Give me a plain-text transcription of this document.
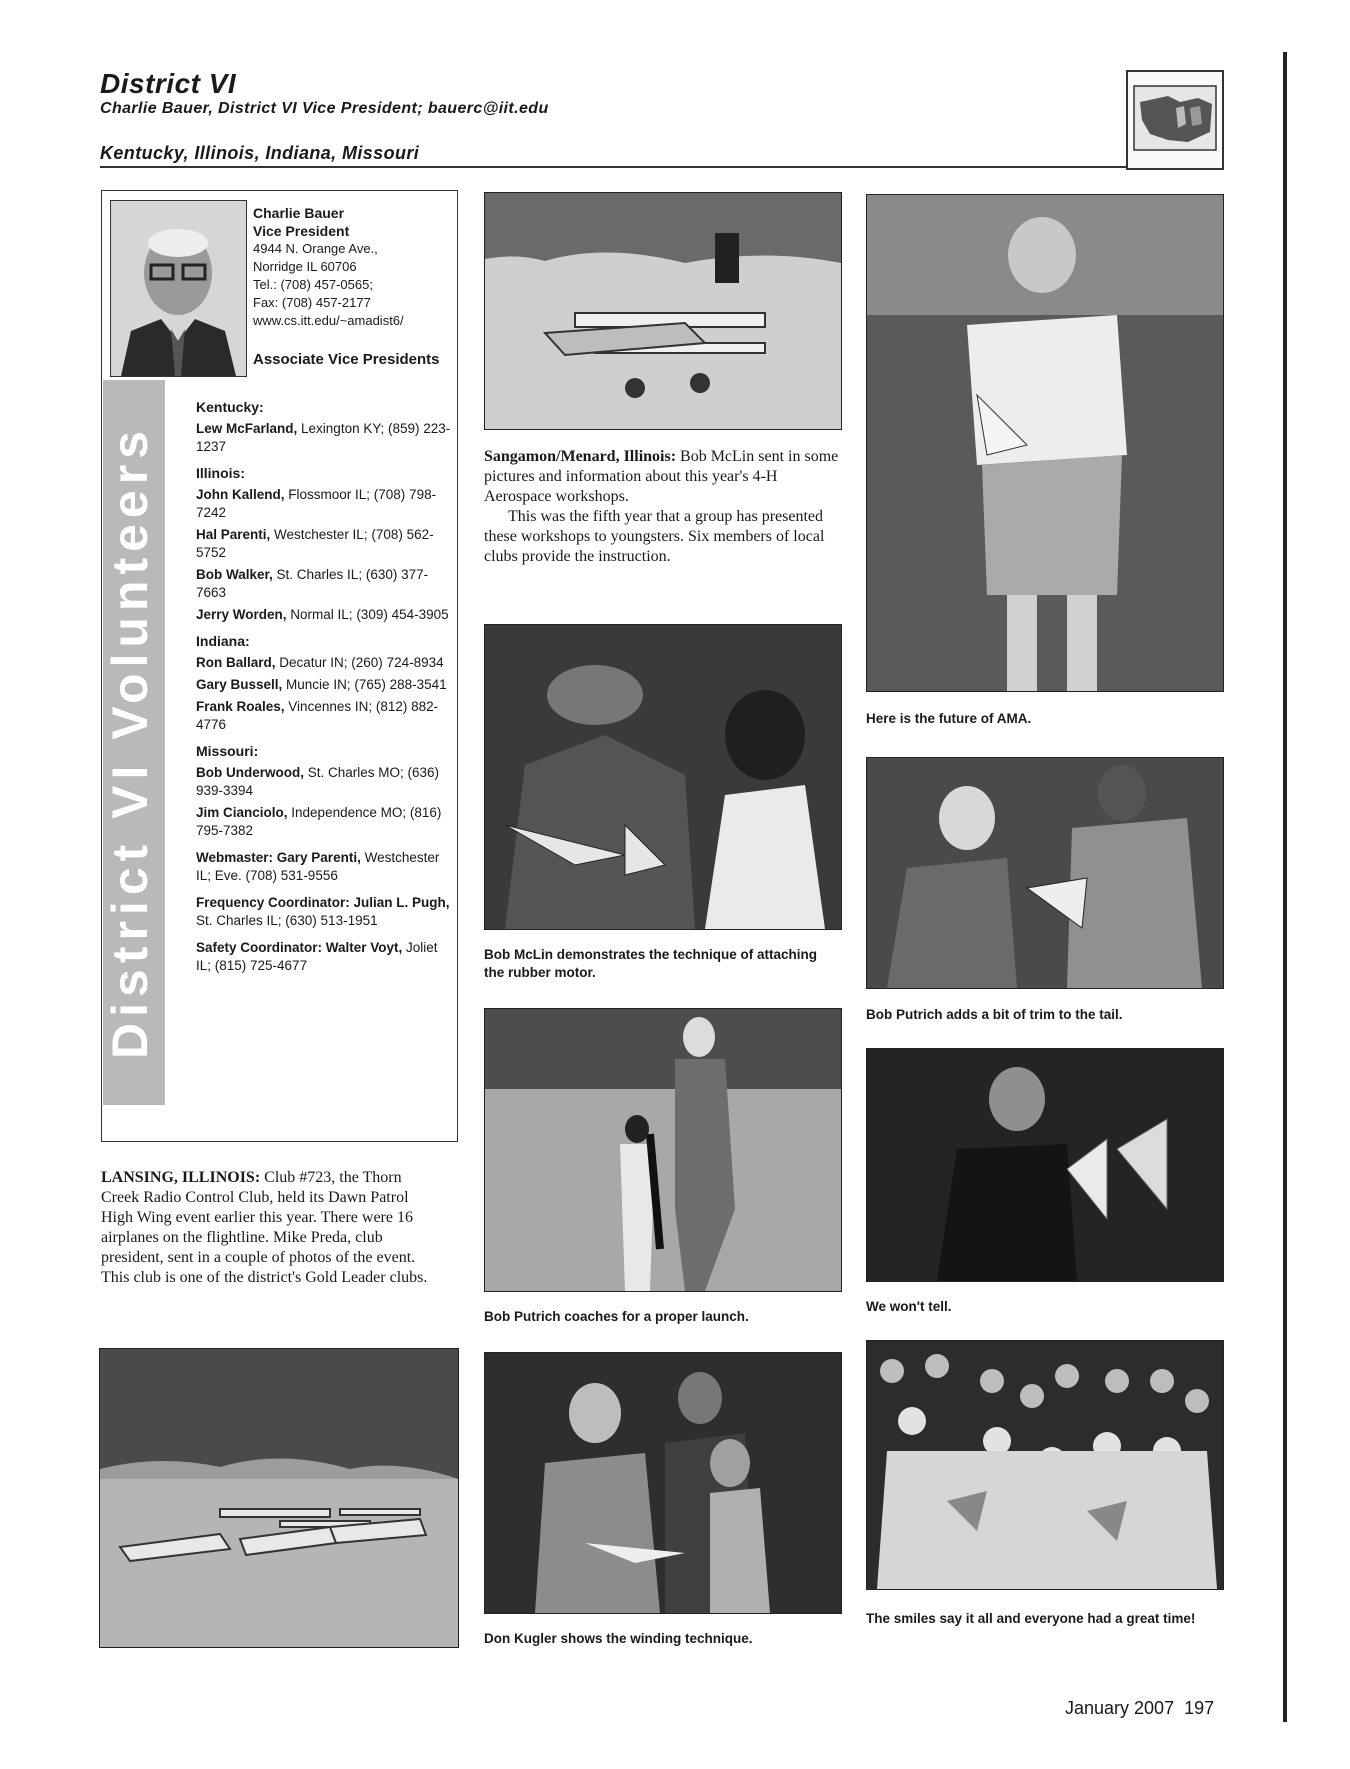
District VI
Charlie Bauer, District VI Vice President; bauerc@iit.edu
Kentucky, Illinois, Indiana, Missouri
District VI Volunteers
Charlie Bauer
Vice President
4944 N. Orange Ave.,
Norridge IL 60706
Tel.: (708) 457-0565;
Fax: (708) 457-2177
www.cs.itt.edu/~amadist6/
Associate Vice Presidents
Kentucky:
Lew McFarland, Lexington KY; (859) 223-1237
Illinois:
John Kallend, Flossmoor IL; (708) 798-7242
Hal Parenti, Westchester IL; (708) 562-5752
Bob Walker, St. Charles IL; (630) 377-7663
Jerry Worden, Normal IL; (309) 454-3905
Indiana:
Ron Ballard, Decatur IN; (260) 724-8934
Gary Bussell, Muncie IN; (765) 288-3541
Frank Roales, Vincennes IN; (812) 882-4776
Missouri:
Bob Underwood, St. Charles MO; (636) 939-3394
Jim Cianciolo, Independence MO; (816) 795-7382
Webmaster: Gary Parenti, Westchester IL; Eve. (708) 531-9556
Frequency Coordinator: Julian L. Pugh, St. Charles IL; (630) 513-1951
Safety Coordinator: Walter Voyt, Joliet IL; (815) 725-4677
LANSING, ILLINOIS: Club #723, the Thorn Creek Radio Control Club, held its Dawn Patrol High Wing event earlier this year. There were 16 airplanes on the flightline. Mike Preda, club president, sent in a couple of photos of the event. This club is one of the district's Gold Leader clubs.
Sangamon/Menard, Illinois: Bob McLin sent in some pictures and information about this year's 4-H Aerospace workshops.
This was the fifth year that a group has presented these workshops to youngsters. Six members of local clubs provide the instruction.
Bob McLin demonstrates the technique of attaching the rubber motor.
Bob Putrich coaches for a proper launch.
Don Kugler shows the winding technique.
Here is the future of AMA.
Bob Putrich adds a bit of trim to the tail.
We won't tell.
The smiles say it all and everyone had a great time!
January 2007 197
